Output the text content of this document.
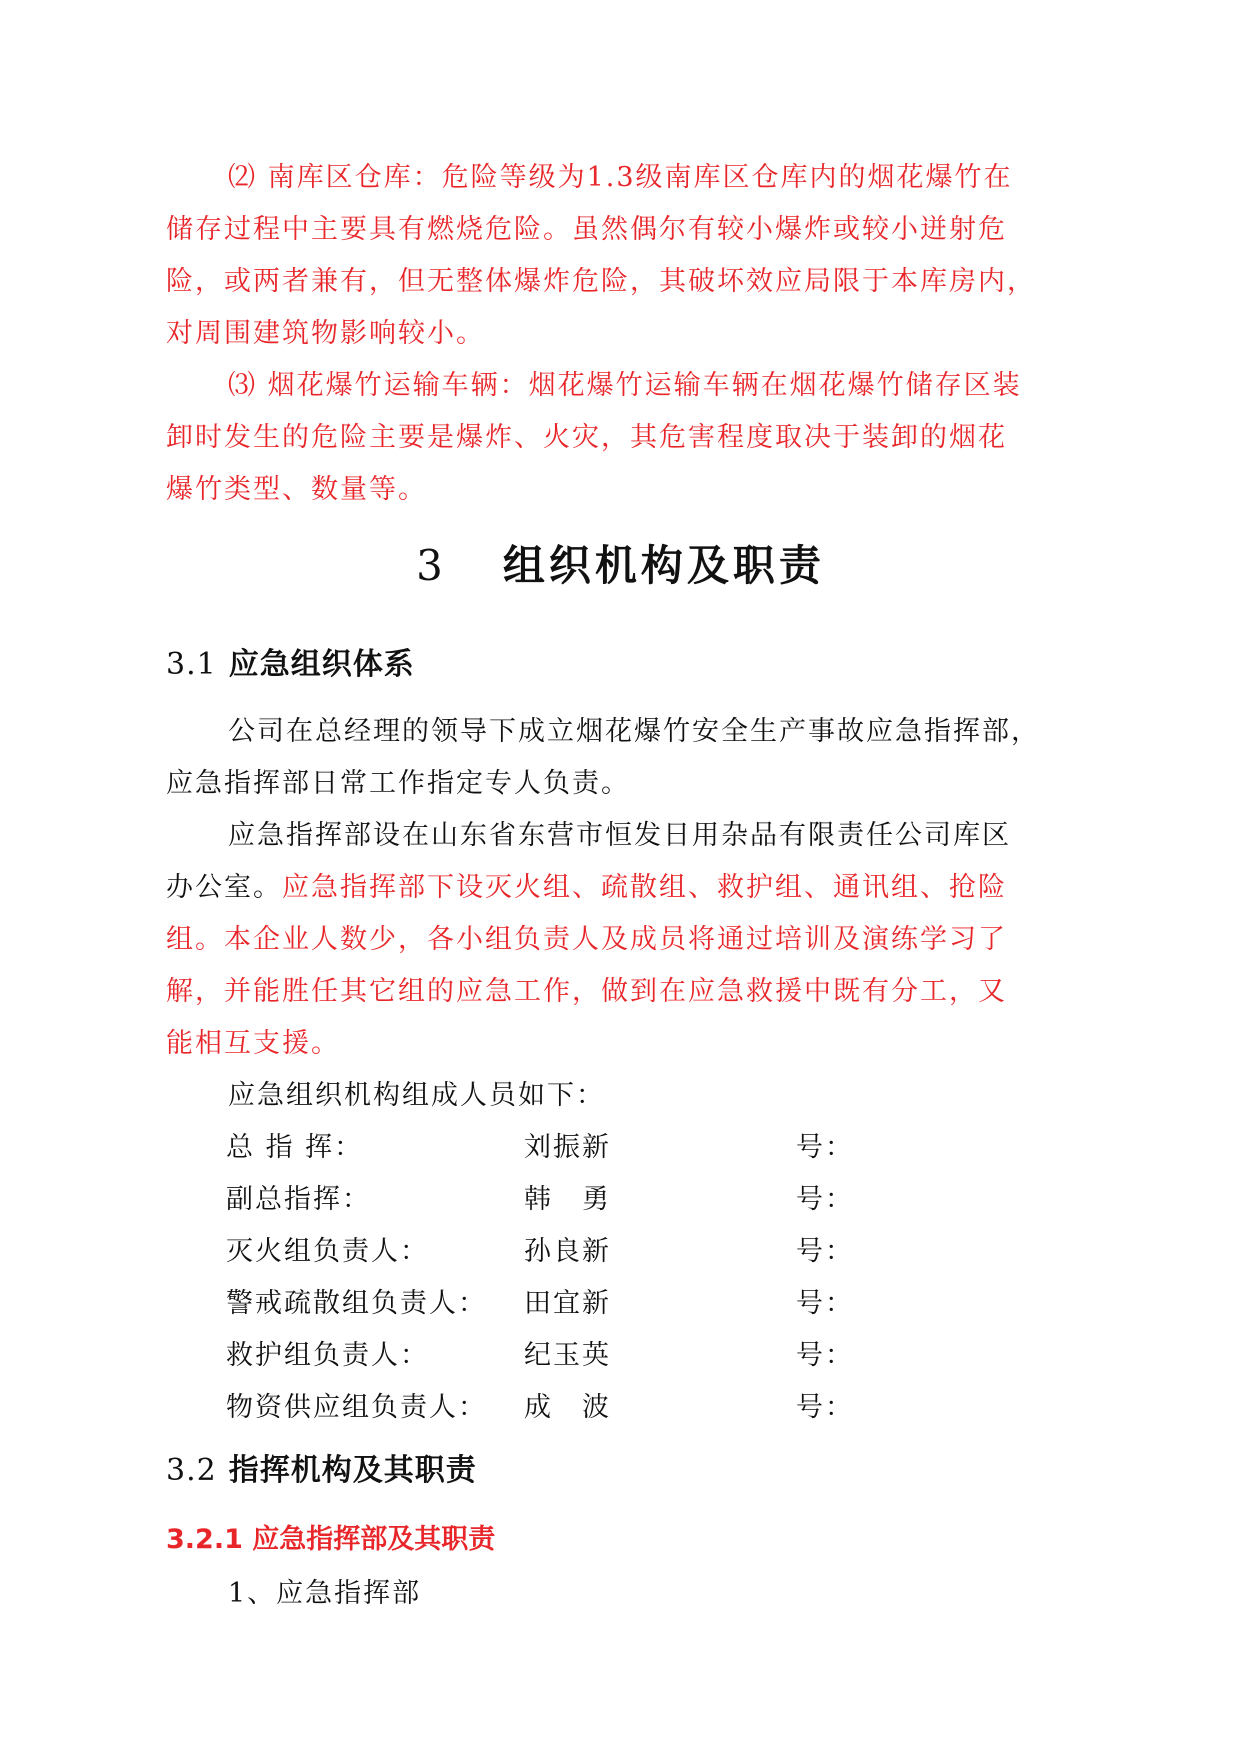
⑵ 南库区仓库：危险等级为1.3级南库区仓库内的烟花爆竹在
储存过程中主要具有燃烧危险。虽然偶尔有较小爆炸或较小迸射危
险，或两者兼有，但无整体爆炸危险，其破坏效应局限于本库房内，
对周围建筑物影响较小。
⑶ 烟花爆竹运输车辆：烟花爆竹运输车辆在烟花爆竹储存区装
卸时发生的危险主要是爆炸、火灾，其危害程度取决于装卸的烟花
爆竹类型、数量等。
3 组织机构及职责
3.1 应急组织体系
公司在总经理的领导下成立烟花爆竹安全生产事故应急指挥部，
应急指挥部日常工作指定专人负责。
应急指挥部设在山东省东营市恒发日用杂品有限责任公司库区
办公室。应急指挥部下设灭火组、疏散组、救护组、通讯组、抢险
组。本企业人数少，各小组负责人及成员将通过培训及演练学习了
解，并能胜任其它组的应急工作，做到在应急救援中既有分工，又
能相互支援。
应急组织机构组成人员如下：
总 指 挥：	刘振新	号：
副总指挥：	韩　勇	号：
灭火组负责人：	孙良新	号：
警戒疏散组负责人： 田宜新	号：
救护组负责人：	纪玉英	号：
物资供应组负责人： 成　波	号：
3.2 指挥机构及其职责
3.2.1 应急指挥部及其职责
1、应急指挥部
